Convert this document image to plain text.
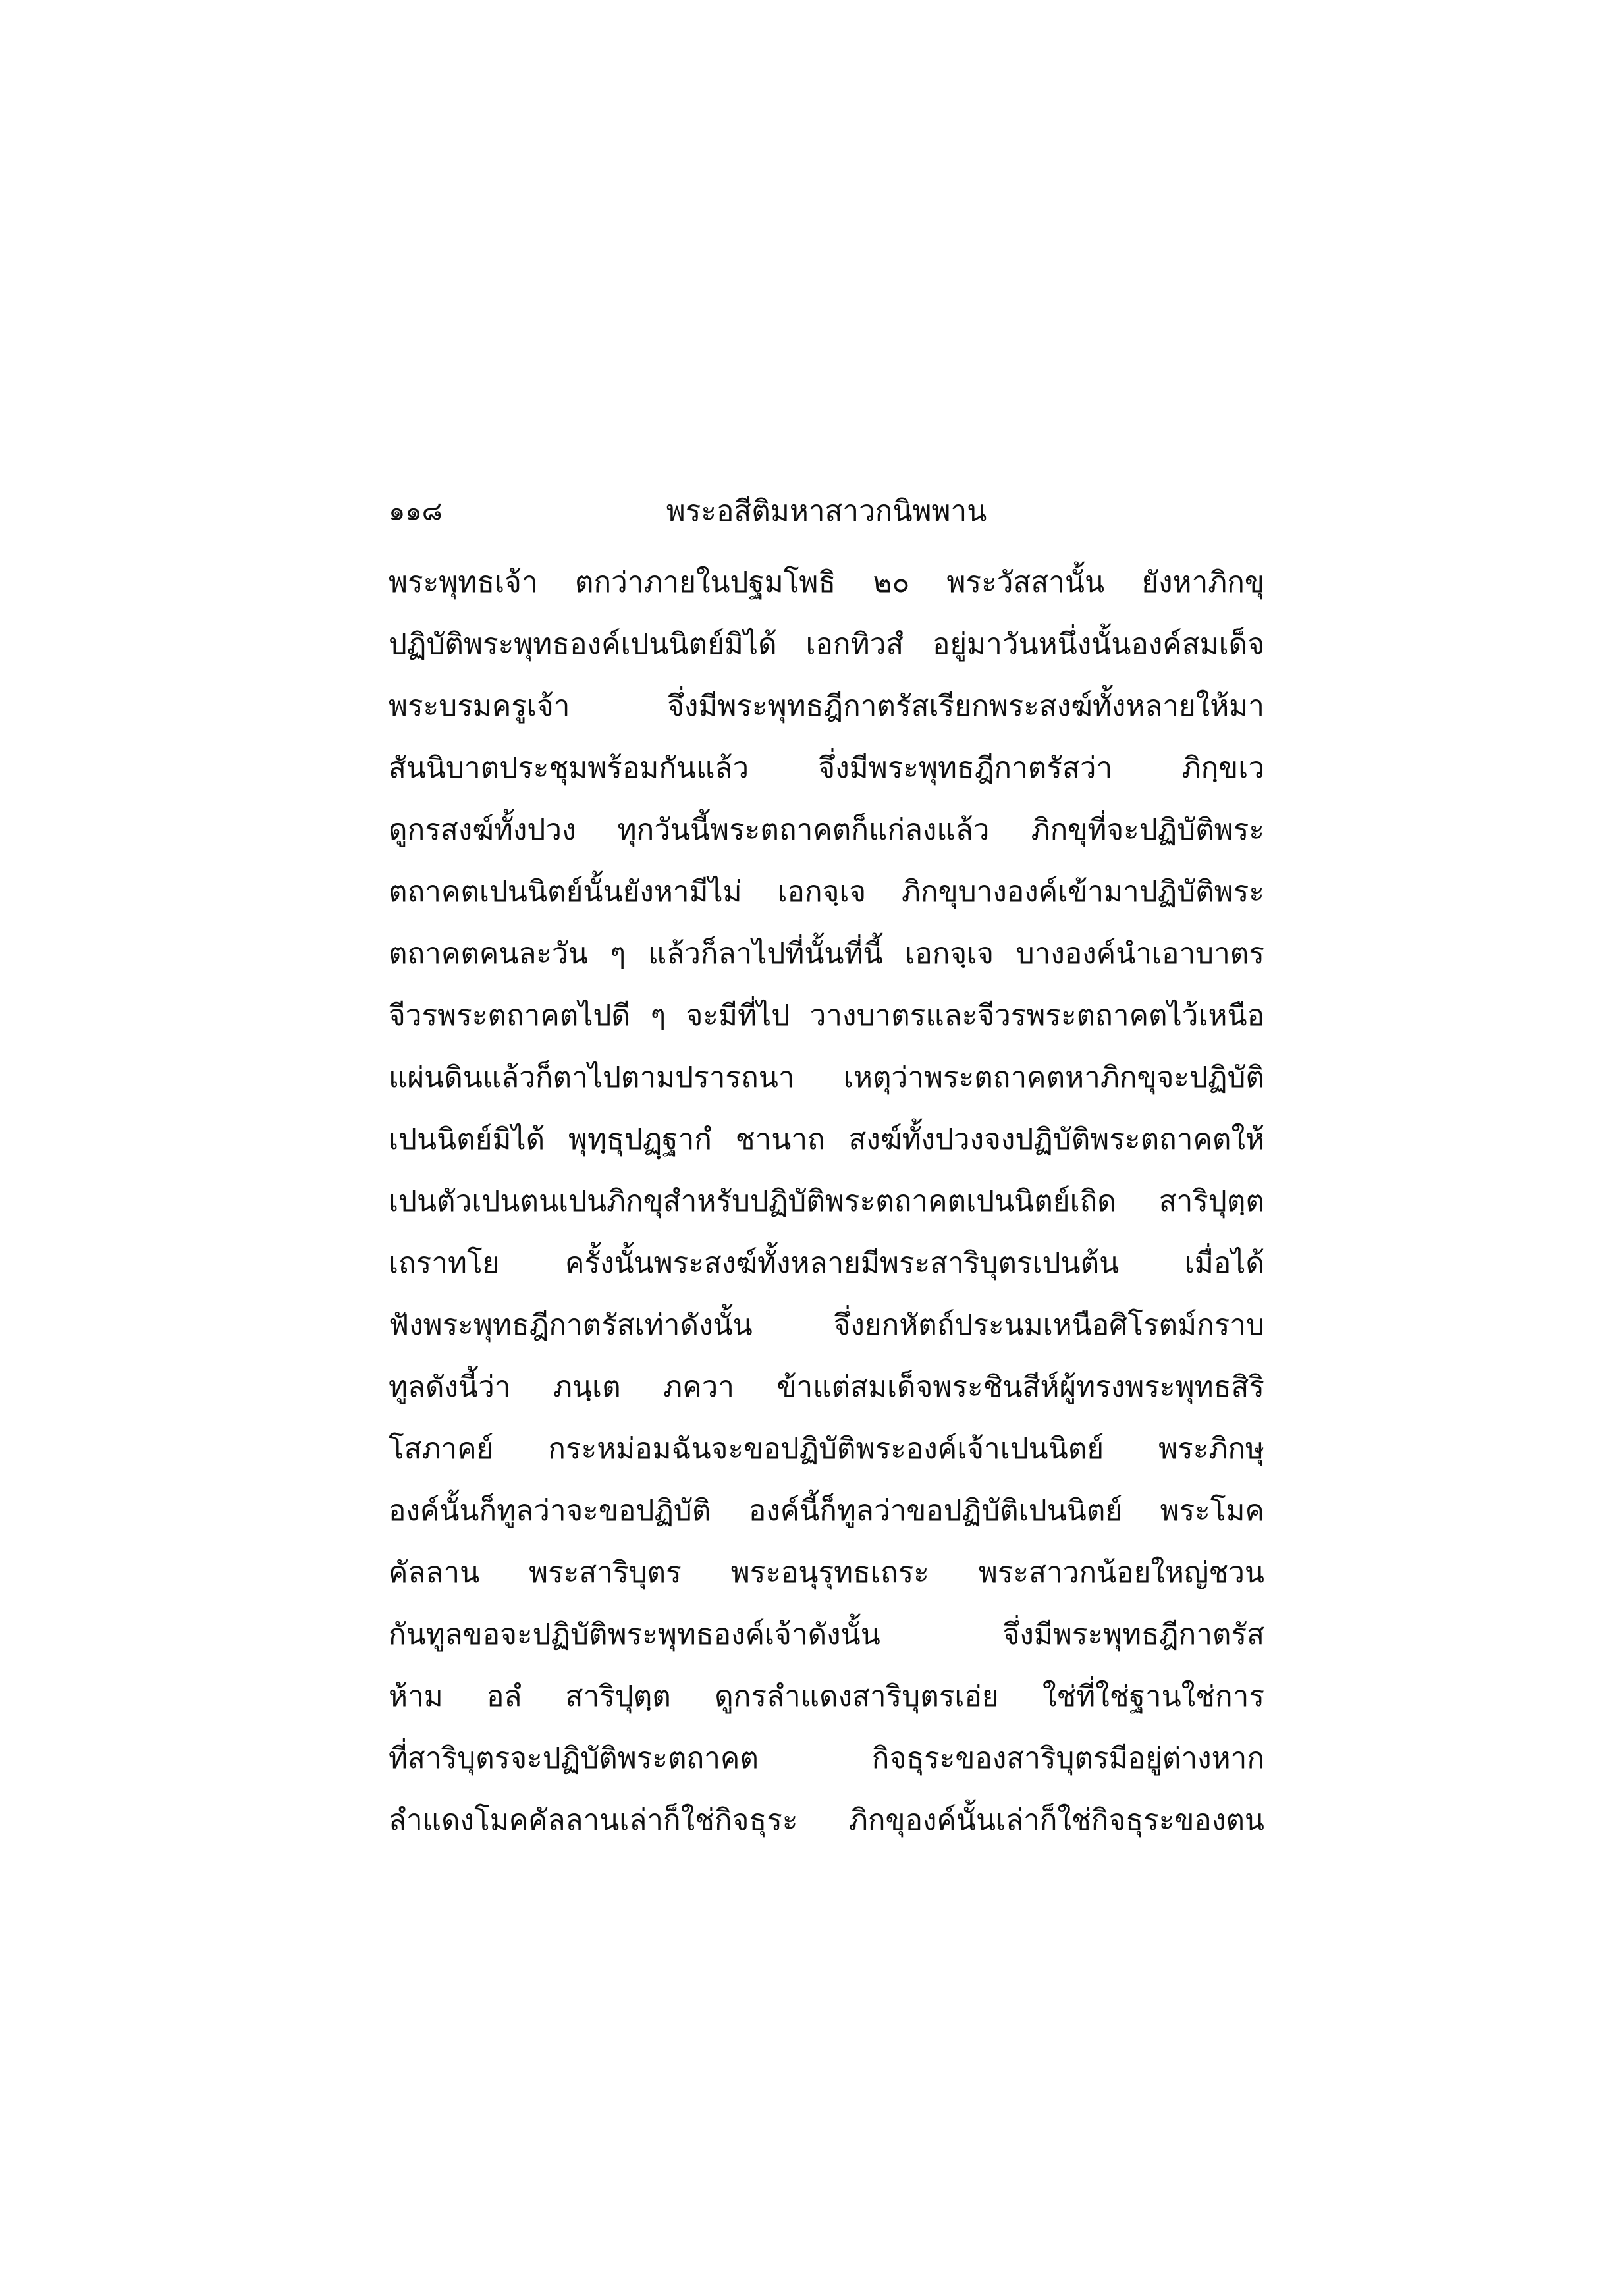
๑๑๘	พระอสีติมหาสาวกนิพพาน
พระพุทธเจ้า ตกว่าภายในปฐมโพธิ ๒๐ พระวัสสานั้น ยังหาภิกขุ
ปฏิบัติพระพุทธองค์เปนนิตย์มิได้ เอกทิวสํ อยู่มาวันหนึ่งนั้นองค์สมเด็จ
พระบรมครูเจ้า จึ่งมีพระพุทธฎีกาตรัสเรียกพระสงฆ์ทั้งหลายให้มา
สันนิบาตประชุมพร้อมกันแล้ว จึ่งมีพระพุทธฎีกาตรัสว่า ภิกฺขเว
ดูกรสงฆ์ทั้งปวง ทุกวันนี้พระตถาคตก็แก่ลงแล้ว ภิกขุที่จะปฏิบัติพระ
ตถาคตเปนนิตย์นั้นยังหามีไม่ เอกจฺเจ ภิกขุบางองค์เข้ามาปฏิบัติพระ
ตถาคตคนละวัน ๆ แล้วก็ลาไปที่นั้นที่นี้ เอกจฺเจ บางองค์นำเอาบาตร
จีวรพระตถาคตไปดี ๆ จะมีที่ไป วางบาตรและจีวรพระตถาคตไว้เหนือ
แผ่นดินแล้วก็ตาไปตามปรารถนา เหตุว่าพระตถาคตหาภิกขุจะปฏิบัติ
เปนนิตย์มิได้ พุทฺธุปฏฺฐากํ ชานาถ สงฆ์ทั้งปวงจงปฏิบัติพระตถาคตให้
เปนตัวเปนตนเปนภิกขุสำหรับปฏิบัติพระตถาคตเปนนิตย์เถิด สาริปุตฺต
เถราทโย ครั้งนั้นพระสงฆ์ทั้งหลายมีพระสาริบุตรเปนต้น เมื่อได้
ฟังพระพุทธฎีกาตรัสเท่าดังนั้น จึ่งยกหัตถ์ประนมเหนือศิโรตม์กราบ
ทูลดังนี้ว่า ภนฺเต ภควา ข้าแต่สมเด็จพระชินสีห์ผู้ทรงพระพุทธสิริ
โสภาคย์ กระหม่อมฉันจะขอปฏิบัติพระองค์เจ้าเปนนิตย์ พระภิกษุ
องค์นั้นก็ทูลว่าจะขอปฏิบัติ องค์นี้ก็ทูลว่าขอปฏิบัติเปนนิตย์ พระโมค
คัลลาน พระสาริบุตร พระอนุรุทธเถระ พระสาวกน้อยใหญ่ชวน
กันทูลขอจะปฏิบัติพระพุทธองค์เจ้าดังนั้น จึ่งมีพระพุทธฎีกาตรัส
ห้าม อลํ สาริปุตฺต ดูกรลำแดงสาริบุตรเอ่ย ใช่ที่ใช่ฐานใช่การ
ที่สาริบุตรจะปฏิบัติพระตถาคต กิจธุระของสาริบุตรมีอยู่ต่างหาก
ลำแดงโมคคัลลานเล่าก็ใช่กิจธุระ ภิกขุองค์นั้นเล่าก็ใช่กิจธุระของตน
